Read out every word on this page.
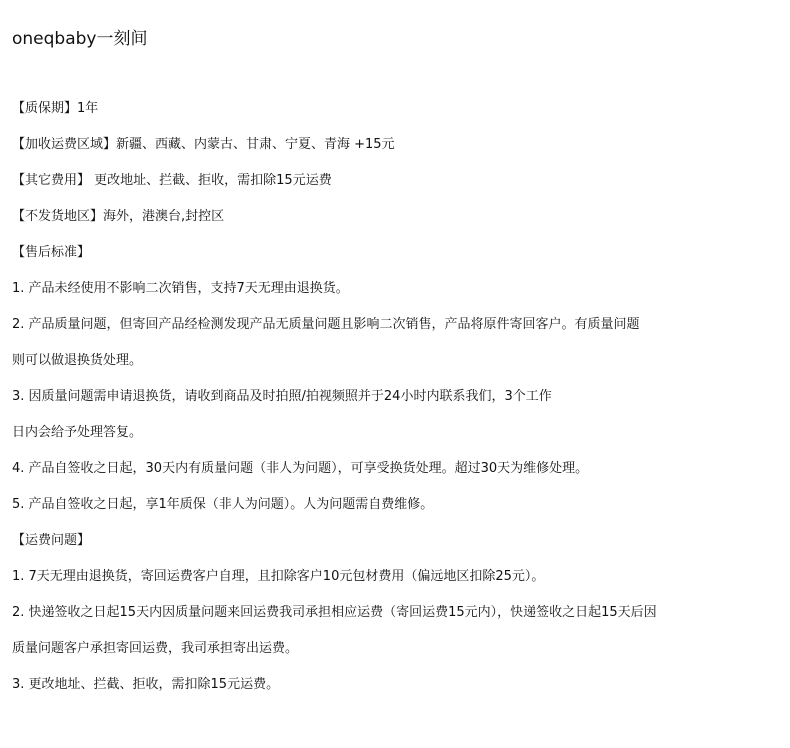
oneqbaby一刻间
【质保期】1年
【加收运费区域】新疆、西藏、内蒙古、甘肃、宁夏、青海 +15元
【其它费用】 更改地址、拦截、拒收，需扣除15元运费
【不发货地区】海外，港澳台,封控区
【售后标准】
1. 产品未经使用不影响二次销售，支持7天无理由退换货。
2. 产品质量问题，但寄回产品经检测发现产品无质量问题且影响二次销售，产品将原件寄回客户。有质量问题
则可以做退换货处理。
3. 因质量问题需申请退换货，请收到商品及时拍照/拍视频照并于24小时内联系我们，3个工作
日内会给予处理答复。
4. 产品自签收之日起，30天内有质量问题（非人为问题），可享受换货处理。超过30天为维修处理。
5. 产品自签收之日起，享1年质保（非人为问题）。人为问题需自费维修。
【运费问题】
1. 7天无理由退换货，寄回运费客户自理，且扣除客户10元包材费用（偏远地区扣除25元）。
2. 快递签收之日起15天内因质量问题来回运费我司承担相应运费（寄回运费15元内），快递签收之日起15天后因
质量问题客户承担寄回运费，我司承担寄出运费。
3. 更改地址、拦截、拒收，需扣除15元运费。
